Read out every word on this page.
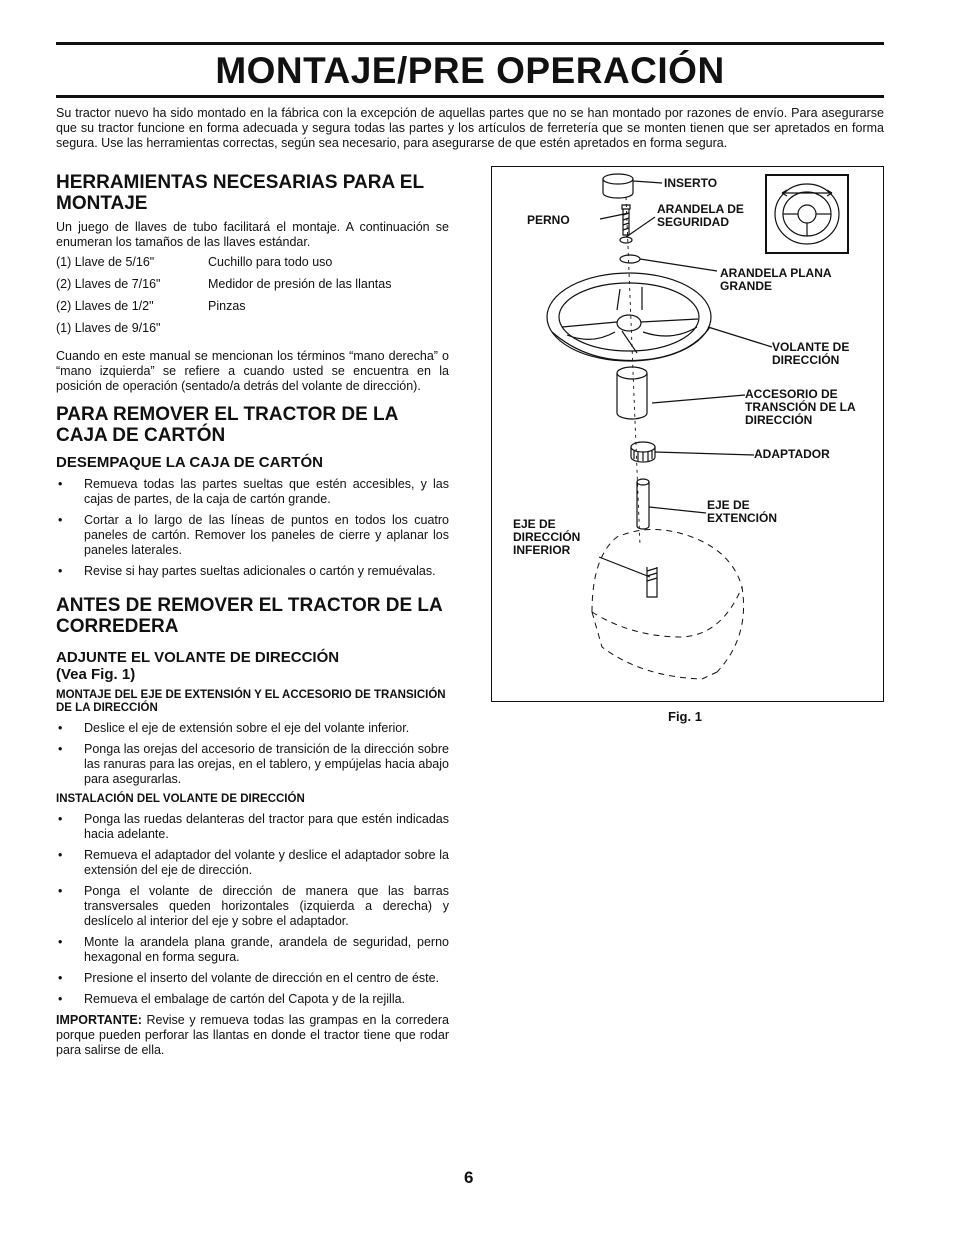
MONTAJE/PRE OPERACIÓN
Su tractor nuevo ha sido montado en la fábrica con la excepción de aquellas partes que no se han montado por razones de envío. Para asegurarse que su tractor funcione en forma adecuada y segura todas las partes y los artículos de ferretería que se monten tienen que ser apretados en forma segura. Use las herramientas correctas, según sea necesario, para asegurarse de que estén apretados en forma segura.
HERRAMIENTAS NECESARIAS PARA EL MONTAJE

Un juego de llaves de tubo facilitará el montaje. A continuación se enumeran los tamaños de las llaves estándar.

(1) Llave de 5/16"	Cuchillo para todo uso
(2) Llaves de 7/16"	Medidor de presión de las llantas
(2) Llaves de 1/2"	Pinzas
(1) Llaves de 9/16"

Cuando en este manual se mencionan los términos “mano derecha” o “mano izquierda” se refiere a cuando usted se encuentra en la posición de operación (sentado/a detrás del volante de dirección).

PARA REMOVER EL TRACTOR DE LA CAJA DE CARTÓN
DESEMPAQUE LA CAJA DE CARTÓN
• Remueva todas las partes sueltas que estén accesibles, y las cajas de partes, de la caja de cartón grande.
• Cortar a lo largo de las líneas de puntos en todos los cuatro paneles de cartón. Remover los paneles de cierre y aplanar los paneles laterales.
• Revise si hay partes sueltas adicionales o cartón y remuévalas.
ANTES DE REMOVER EL TRACTOR DE LA CORREDERA
ADJUNTE EL VOLANTE DE DIRECCIÓN
(Vea Fig. 1)
MONTAJE DEL EJE DE EXTENSIÓN Y EL ACCESORIO DE TRANSICIÓN DE LA DIRECCIÓN
• Deslice el eje de extensión sobre el eje del volante inferior.
• Ponga las orejas del accesorio de transición de la dirección sobre las ranuras para las orejas, en el tablero, y empújelas hacia abajo para asegurarlas.
INSTALACIÓN DEL VOLANTE DE DIRECCIÓN
• Ponga las ruedas delanteras del tractor para que estén indicadas hacia adelante.
• Remueva el adaptador del volante y deslice el adaptador sobre la extensión del eje de dirección.
• Ponga el volante de dirección de manera que las barras transversales queden horizontales (izquierda a derecha) y deslícelo al interior del eje y sobre el adaptador.
• Monte la arandela plana grande, arandela de seguridad, perno hexagonal en forma segura.
• Presione el inserto del volante de dirección en el centro de éste.
• Remueva el embalage de cartón del Capota y de la rejilla.

IMPORTANTE: Revise y remueva todas las grampas en la corredera porque pueden perforar las llantas en donde el tractor tiene que rodar para salirse de ella.

INSERTO
ARANDELA DE SEGURIDAD
PERNO
ARANDELA PLANA GRANDE
VOLANTE DE DIRECCIÓN
ACCESORIO DE TRANSCIÓN DE LA DIRECCIÓN
ADAPTADOR
EJE DE EXTENCIÓN
EJE DE DIRECCIÓN INFERIOR
Fig. 1
6
